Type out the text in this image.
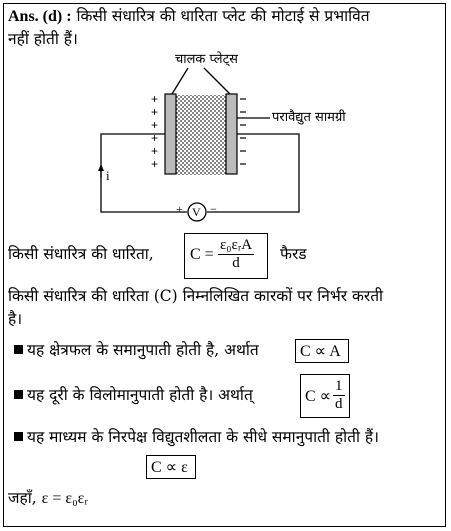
Ans. (d) : किसी संधारित्र की धारिता प्लेट की मोटाई से प्रभावित
नहीं होती हैं।
+
+
+
+
+
+
चालक प्लेट्स
परावैद्युत सामग्री
i
V
+ −
किसी संधारित्र की धारिता, C =
ε₀εᵣA
d	फैरड
किसी संधारित्र की धारिता (C) निम्नलिखित कारकों पर निर्भर करती
है।
यह क्षेत्रफल के समानुपाती होती है, अर्थात	C ∝ A
यह दूरी के विलोमानुपाती होती है। अर्थात्	$C \propto \frac{1}{d}$
यह माध्यम के निरपेक्ष विद्युतशीलता के सीधे समानुपाती होती हैं।
C ∝ ε
जहाँ, ε = ε₀εᵣ
